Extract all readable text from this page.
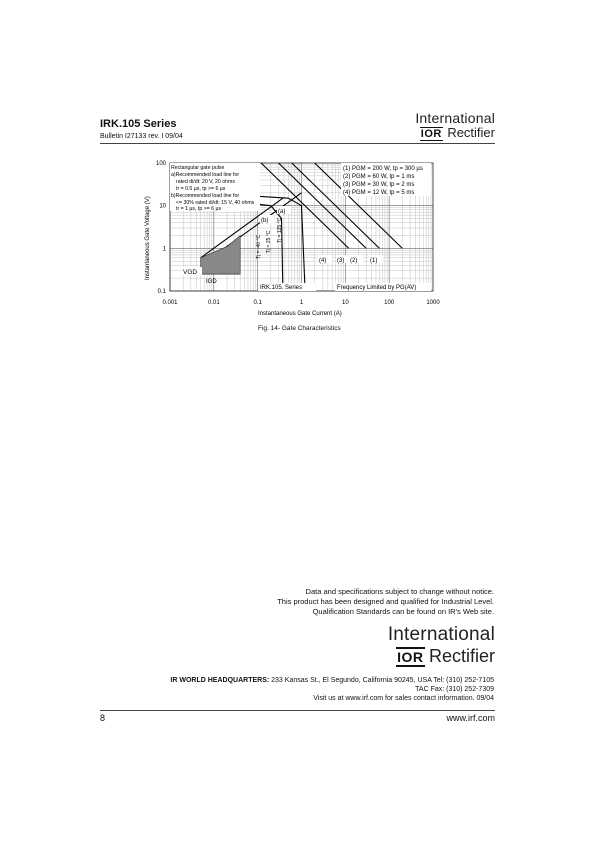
IRK.105 Series
Bulletin I27133 rev. I 09/04
International
IOR Rectifier
0.001	0.01	0.1	1	10	100	1000
0.1
1
10
100
Rectangular gate pulse
a)Recommended load line for
rated di/dt: 20 V, 20 ohms
tr = 0.5 µs, tp >= 6 µs
b)Recommended load line for
<= 30% rated di/dt: 15 V, 40 ohms
tr = 1 µs, tp >= 6 µs
(1) PGM = 200 W, tp = 300 µs
(2) PGM = 60 W, tp = 1 ms
(3) PGM = 30 W, tp = 2 ms
(4) PGM = 12 W, tp = 5 ms
(4) (3) (2) (1)
(a)
(b)
Tj = -40 °C Tj = 25 °C Tj = 125 °C
VGD
IGD
IRK.105. Series	Frequency Limited by PG(AV)
Instantaneous Gate Current (A)
Instantaneous Gate Voltage (V)
Fig. 14- Gate Characteristics
Data and specifications subject to change without notice.
This product has been designed and qualified for Industrial Level.
Qualification Standards can be found on IR's Web site.
International
IOR Rectifier
IR WORLD HEADQUARTERS: 233 Kansas St., El Segundo, California 90245, USA Tel: (310) 252-7105
TAC Fax: (310) 252-7309
Visit us at www.irf.com for sales contact information. 09/04
8	www.irf.com
